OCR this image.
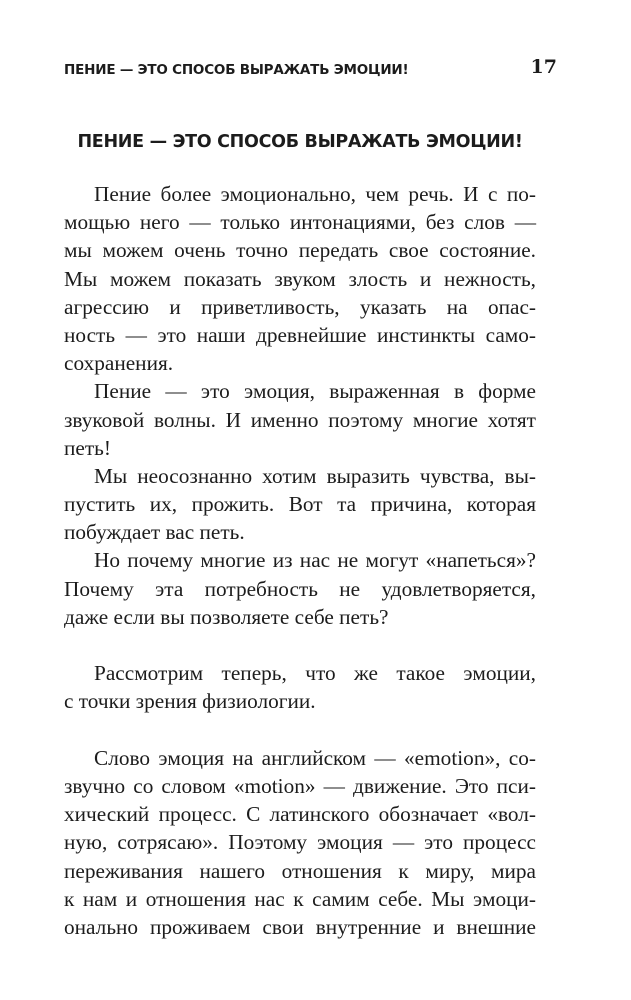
ПЕНИЕ — ЭТО СПОСОБ ВЫРАЖАТЬ ЭМОЦИИ!	17
ПЕНИЕ — ЭТО СПОСОБ ВЫРАЖАТЬ ЭМОЦИИ!
Пение более эмоционально, чем речь. И с по-
мощью него — только интонациями, без слов —
мы можем очень точно передать свое состояние.
Мы можем показать звуком злость и нежность,
агрессию и приветливость, указать на опас-
ность — это наши древнейшие инстинкты само-
сохранения.
Пение — это эмоция, выраженная в форме
звуковой волны. И именно поэтому многие хотят
петь!
Мы неосознанно хотим выразить чувства, вы-
пустить их, прожить. Вот та причина, которая
побуждает вас петь.
Но почему многие из нас не могут «напеться»?
Почему эта потребность не удовлетворяется,
даже если вы позволяете себе петь?
Рассмотрим теперь, что же такое эмоции,
с точки зрения физиологии.
Слово эмоция на английском — «emotion», со-
звучно со словом «motion» — движение. Это пси-
хический процесс. С латинского обозначает «вол-
ную, сотрясаю». Поэтому эмоция — это процесс
переживания нашего отношения к миру, мира
к нам и отношения нас к самим себе. Мы эмоци-
онально проживаем свои внутренние и внешние
